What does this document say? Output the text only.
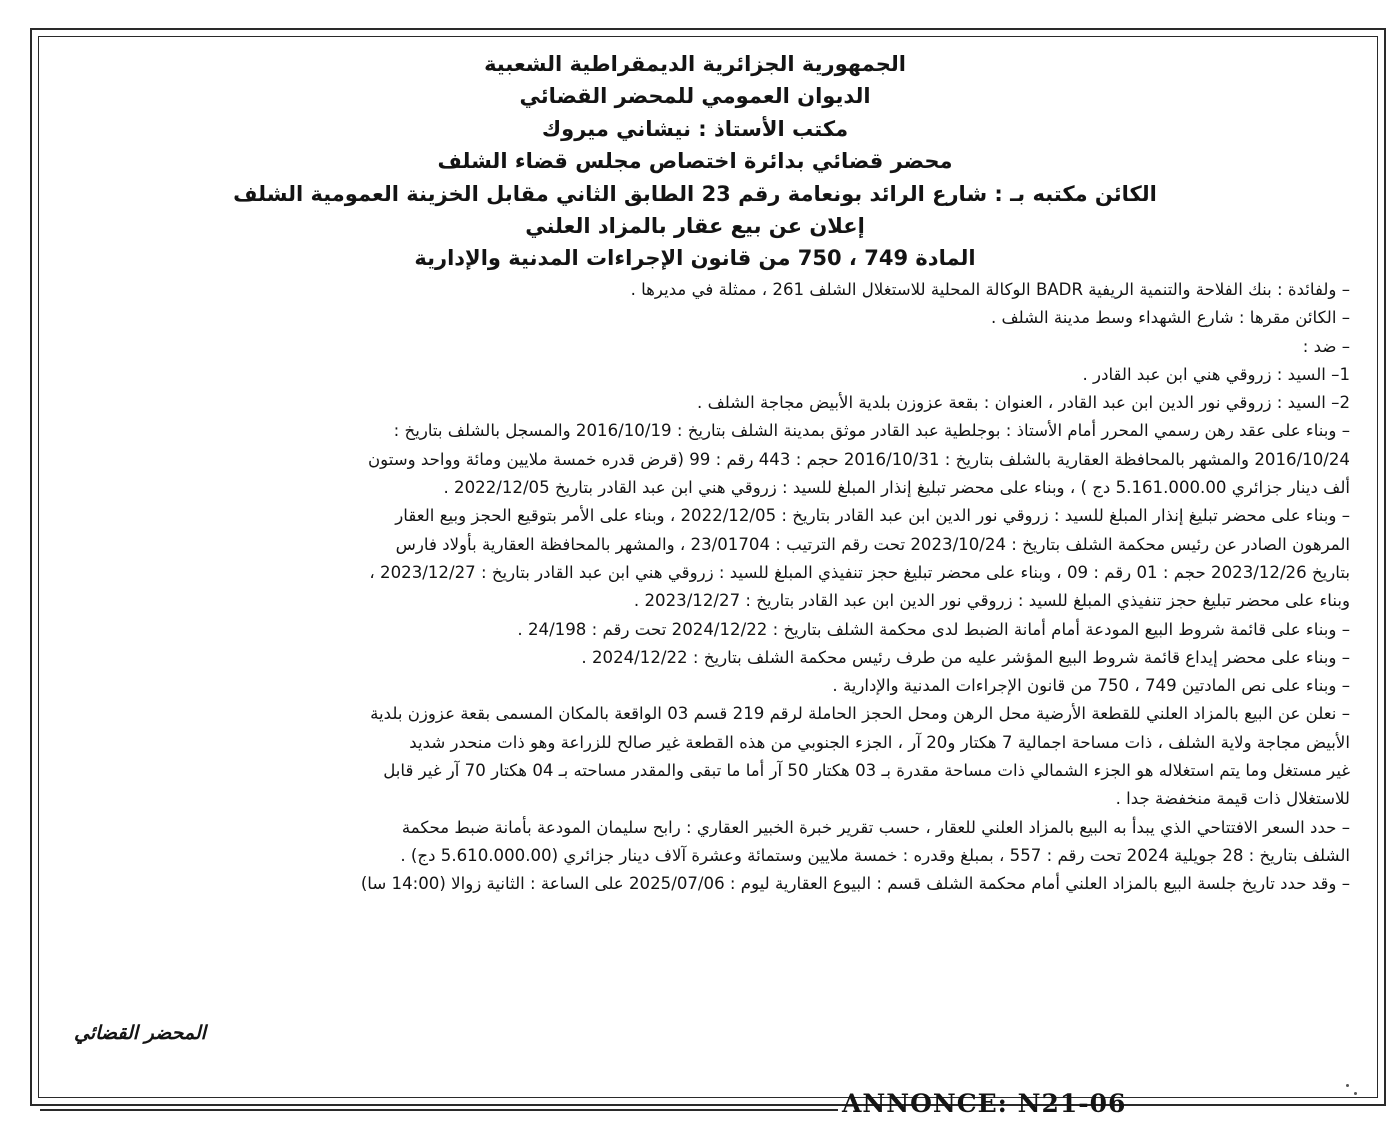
الجمهورية الجزائرية الديمقراطية الشعبية
الديوان العمومي للمحضر القضائي
مكتب الأستاذ : نيشاني ميروك
محضر قضائي بدائرة اختصاص مجلس قضاء الشلف
الكائن مكتبه بـ : شارع الرائد بونعامة رقم 23 الطابق الثاني مقابل الخزينة العمومية الشلف
إعلان عن بيع عقار بالمزاد العلني
المادة 749 ، 750 من قانون الإجراءات المدنية والإدارية
– ولفائدة : بنك الفلاحة والتنمية الريفية BADR الوكالة المحلية للاستغلال الشلف 261 ، ممثلة في مديرها .
– الكائن مقرها : شارع الشهداء وسط مدينة الشلف .
– ضد :
1– السيد : زروقي هني ابن عبد القادر .
2– السيد : زروقي نور الدين ابن عبد القادر ، العنوان : بقعة عزوزن بلدية الأبيض مجاجة الشلف .
– وبناء على عقد رهن رسمي المحرر أمام الأستاذ : بوجلطية عبد القادر موثق بمدينة الشلف بتاريخ : 2016/10/19 والمسجل بالشلف بتاريخ :
2016/10/24 والمشهر بالمحافظة العقارية بالشلف بتاريخ : 2016/10/31 حجم : 443 رقم : 99 (قرض قدره خمسة ملايين ومائة وواحد وستون
ألف دينار جزائري 5.161.000.00 دج ) ، وبناء على محضر تبليغ إنذار المبلغ للسيد : زروقي هني ابن عبد القادر بتاريخ 2022/12/05 .
– وبناء على محضر تبليغ إنذار المبلغ للسيد : زروقي نور الدين ابن عبد القادر بتاريخ : 2022/12/05 ، وبناء على الأمر بتوقيع الحجز وبيع العقار
المرهون الصادر عن رئيس محكمة الشلف بتاريخ : 2023/10/24 تحت رقم الترتيب : 23/01704 ، والمشهر بالمحافظة العقارية بأولاد فارس
بتاريخ 2023/12/26 حجم : 01 رقم : 09 ، وبناء على محضر تبليغ حجز تنفيذي المبلغ للسيد : زروقي هني ابن عبد القادر بتاريخ : 2023/12/27 ،
وبناء على محضر تبليغ حجز تنفيذي المبلغ للسيد : زروقي نور الدين ابن عبد القادر بتاريخ : 2023/12/27 .
– وبناء على قائمة شروط البيع المودعة أمام أمانة الضبط لدى محكمة الشلف بتاريخ : 2024/12/22 تحت رقم : 24/198 .
– وبناء على محضر إيداع قائمة شروط البيع المؤشر عليه من طرف رئيس محكمة الشلف بتاريخ : 2024/12/22 .
– وبناء على نص المادتين 749 ، 750 من قانون الإجراءات المدنية والإدارية .
– نعلن عن البيع بالمزاد العلني للقطعة الأرضية محل الرهن ومحل الحجز الحاملة لرقم 219 قسم 03 الواقعة بالمكان المسمى بقعة عزوزن بلدية
الأبيض مجاجة ولاية الشلف ، ذات مساحة اجمالية 7 هكتار و20 آر ، الجزء الجنوبي من هذه القطعة غير صالح للزراعة وهو ذات منحدر شديد
غير مستغل وما يتم استغلاله هو الجزء الشمالي ذات مساحة مقدرة بـ 03 هكتار 50 آر أما ما تبقى والمقدر مساحته بـ 04 هكتار 70 آر غير قابل
للاستغلال ذات قيمة منخفضة جدا .
– حدد السعر الافتتاحي الذي يبدأ به البيع بالمزاد العلني للعقار ، حسب تقرير خبرة الخبير العقاري : رابح سليمان المودعة بأمانة ضبط محكمة
الشلف بتاريخ : 28 جويلية 2024 تحت رقم : 557 ، بمبلغ وقدره : خمسة ملايين وستمائة وعشرة آلاف دينار جزائري (5.610.000.00 دج) .
– وقد حدد تاريخ جلسة البيع بالمزاد العلني أمام محكمة الشلف قسم : البيوع العقارية ليوم : 2025/07/06 على الساعة : الثانية زوالا (14:00 سا)
المحضر القضائي
ANNONCE: N21-06
